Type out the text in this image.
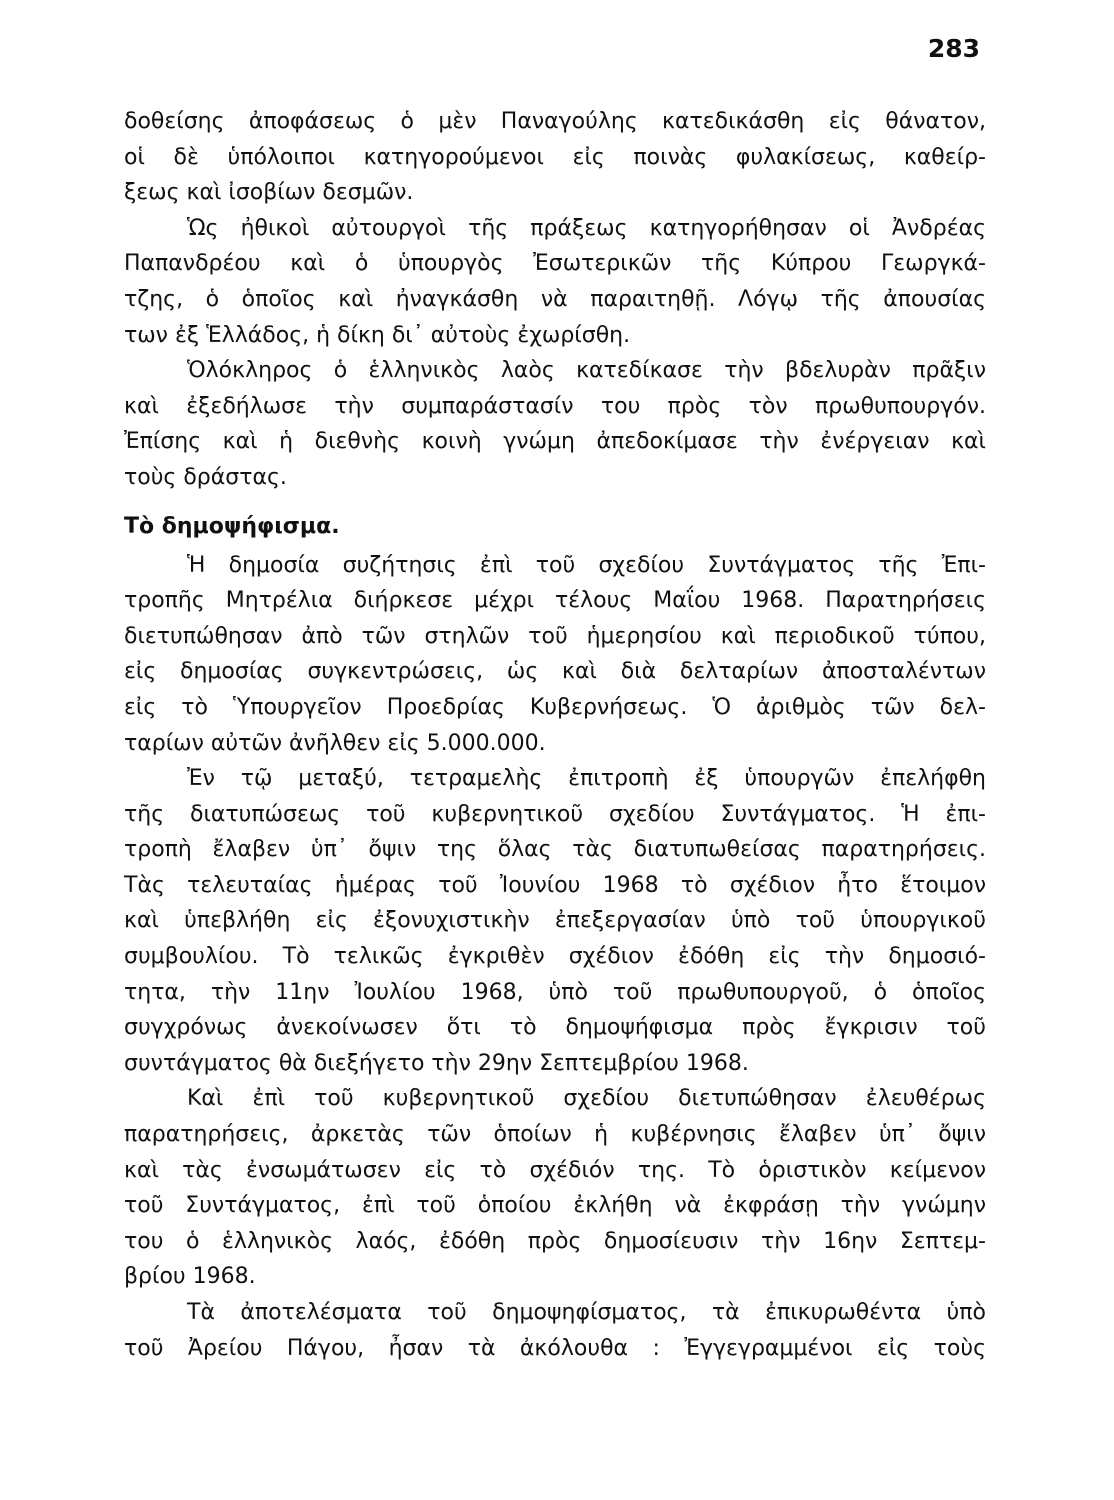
283
δοθείσης ἀποφάσεως ὁ μὲν Παναγούλης κατεδικάσθη εἰς θάνατον,
οἱ δὲ ὑπόλοιποι κατηγορούμενοι εἰς ποινὰς φυλακίσεως, καθείρ-
ξεως καὶ ἰσοβίων δεσμῶν.
Ὡς ἠθικοὶ αὐτουργοὶ τῆς πράξεως κατηγορήθησαν οἱ Ἀνδρέας
Παπανδρέου καὶ ὁ ὑπουργὸς Ἐσωτερικῶν τῆς Κύπρου Γεωργκά-
τζης, ὁ ὁποῖος καὶ ἠναγκάσθη νὰ παραιτηθῇ. Λόγῳ τῆς ἀπουσίας
των ἐξ Ἑλλάδος, ἡ δίκη δι᾽ αὐτοὺς ἐχωρίσθη.
Ὁλόκληρος ὁ ἑλληνικὸς λαὸς κατεδίκασε τὴν βδελυρὰν πρᾶξιν
καὶ ἐξεδήλωσε τὴν συμπαράστασίν του πρὸς τὸν πρωθυπουργόν.
Ἐπίσης καὶ ἡ διεθνὴς κοινὴ γνώμη ἀπεδοκίμασε τὴν ἐνέργειαν καὶ
τοὺς δράστας.
Τὸ δημοψήφισμα.
Ἡ δημοσία συζήτησις ἐπὶ τοῦ σχεδίου Συντάγματος τῆς Ἐπι-
τροπῆς Μητρέλια διήρκεσε μέχρι τέλους Μαΐου 1968. Παρατηρήσεις
διετυπώθησαν ἀπὸ τῶν στηλῶν τοῦ ἡμερησίου καὶ περιοδικοῦ τύπου,
εἰς δημοσίας συγκεντρώσεις, ὡς καὶ διὰ δελταρίων ἀποσταλέντων
εἰς τὸ Ὑπουργεῖον Προεδρίας Κυβερνήσεως. Ὁ ἀριθμὸς τῶν δελ-
ταρίων αὐτῶν ἀνῆλθεν εἰς 5.000.000.
Ἐν τῷ μεταξύ, τετραμελὴς ἐπιτροπὴ ἐξ ὑπουργῶν ἐπελήφθη
τῆς διατυπώσεως τοῦ κυβερνητικοῦ σχεδίου Συντάγματος. Ἡ ἐπι-
τροπὴ ἔλαβεν ὑπ᾽ ὄψιν της ὅλας τὰς διατυπωθείσας παρατηρήσεις.
Τὰς τελευταίας ἡμέρας τοῦ Ἰουνίου 1968 τὸ σχέδιον ἦτο ἕτοιμον
καὶ ὑπεβλήθη εἰς ἐξονυχιστικὴν ἐπεξεργασίαν ὑπὸ τοῦ ὑπουργικοῦ
συμβουλίου. Τὸ τελικῶς ἐγκριθὲν σχέδιον ἐδόθη εἰς τὴν δημοσιό-
τητα, τὴν 11ην Ἰουλίου 1968, ὑπὸ τοῦ πρωθυπουργοῦ, ὁ ὁποῖος
συγχρόνως ἀνεκοίνωσεν ὅτι τὸ δημοψήφισμα πρὸς ἔγκρισιν τοῦ
συντάγματος θὰ διεξήγετο τὴν 29ην Σεπτεμβρίου 1968.
Καὶ ἐπὶ τοῦ κυβερνητικοῦ σχεδίου διετυπώθησαν ἐλευθέρως
παρατηρήσεις, ἀρκετὰς τῶν ὁποίων ἡ κυβέρνησις ἔλαβεν ὑπ᾽ ὄψιν
καὶ τὰς ἐνσωμάτωσεν εἰς τὸ σχέδιόν της. Τὸ ὁριστικὸν κείμενον
τοῦ Συντάγματος, ἐπὶ τοῦ ὁποίου ἐκλήθη νὰ ἐκφράσῃ τὴν γνώμην
του ὁ ἑλληνικὸς λαός, ἐδόθη πρὸς δημοσίευσιν τὴν 16ην Σεπτεμ-
βρίου 1968.
Τὰ ἀποτελέσματα τοῦ δημοψηφίσματος, τὰ ἐπικυρωθέντα ὑπὸ
τοῦ Ἀρείου Πάγου, ἦσαν τὰ ἀκόλουθα : Ἐγγεγραμμένοι εἰς τοὺς
